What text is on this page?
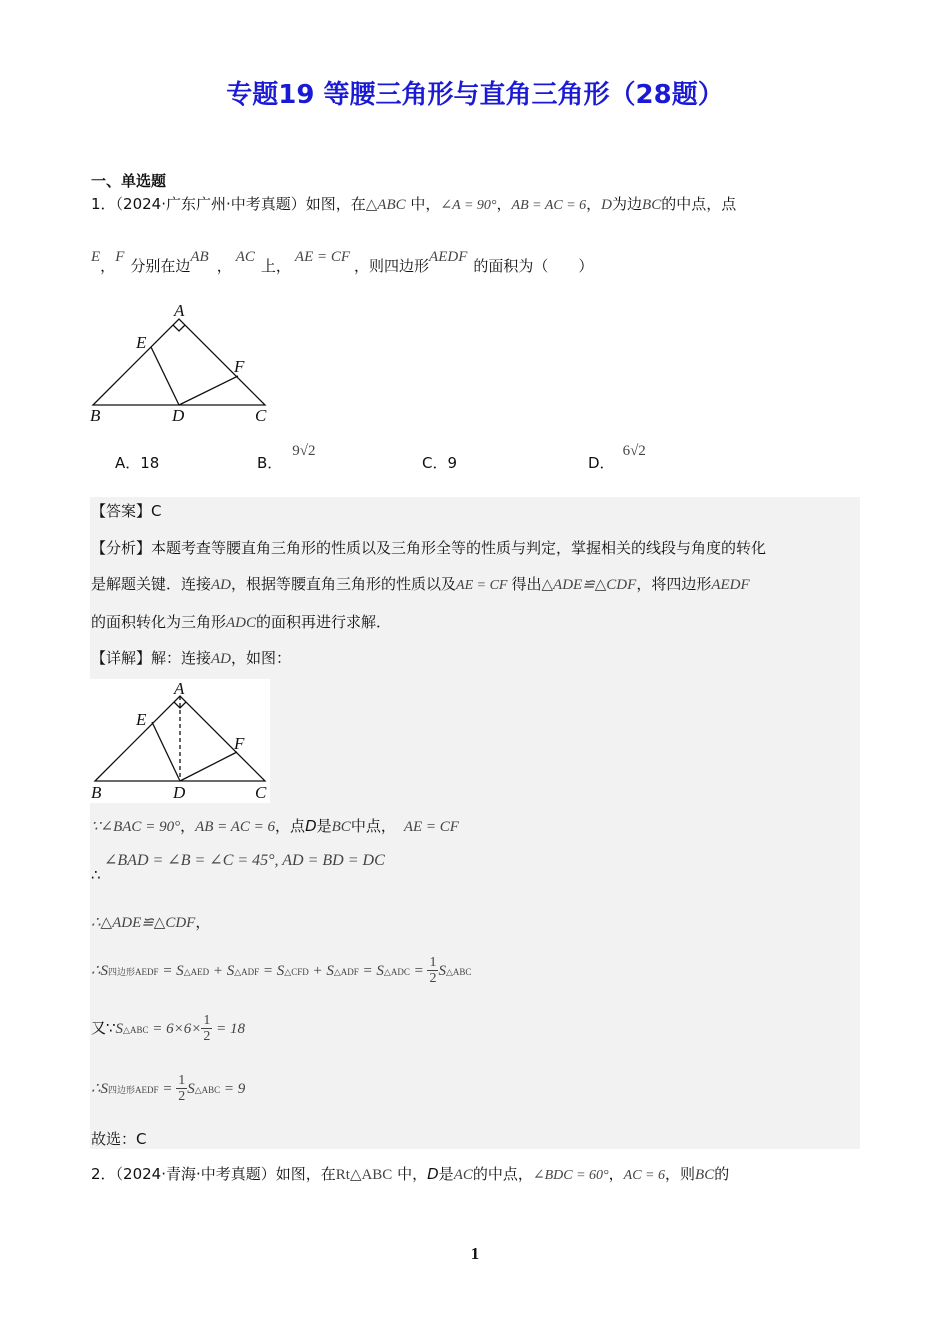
专题19 等腰三角形与直角三角形（28题）
一、单选题
1．（2024·广东广州·中考真题）如图，在△ABC 中，∠A = 90°，AB = AC = 6，D为边BC的中点，点
E，F 分别在边AB ， AC 上， AE = CF ，则四边形AEDF 的面积为（　　）
A
E
F
B	D	C
A．18	B．9√2
C．9	D．6√2
【答案】C
【分析】本题考查等腰直角三角形的性质以及三角形全等的性质与判定，掌握相关的线段与角度的转化
是解题关键．连接AD，根据等腰直角三角形的性质以及AE = CF 得出△ADE≌△CDF，将四边形AEDF
的面积转化为三角形ADC的面积再进行求解．
【详解】解：连接AD，如图：
A
E
F
B	D	C
∵∠BAC = 90°，AB = AC = 6，点D是BC中点， AE = CF
∠BAD = ∠B = ∠C = 45°, AD = BD = DC
∴
∴△ADE≌△CDF，
∴S四边形AEDF = S△AED + S△ADF = S△CFD + S△ADF = S△ADC = $\frac{1}{2}$ S△ABC
又∵S△ABC = $6\times 6\times \frac{1}{2} = 18$
∴S四边形AEDF = $\frac{1}{2}$ S△ABC = 9
故选：C
2．（2024·青海·中考真题）如图，在Rt△ABC 中，D是AC的中点，∠BDC = 60°，AC = 6，则BC的
1
